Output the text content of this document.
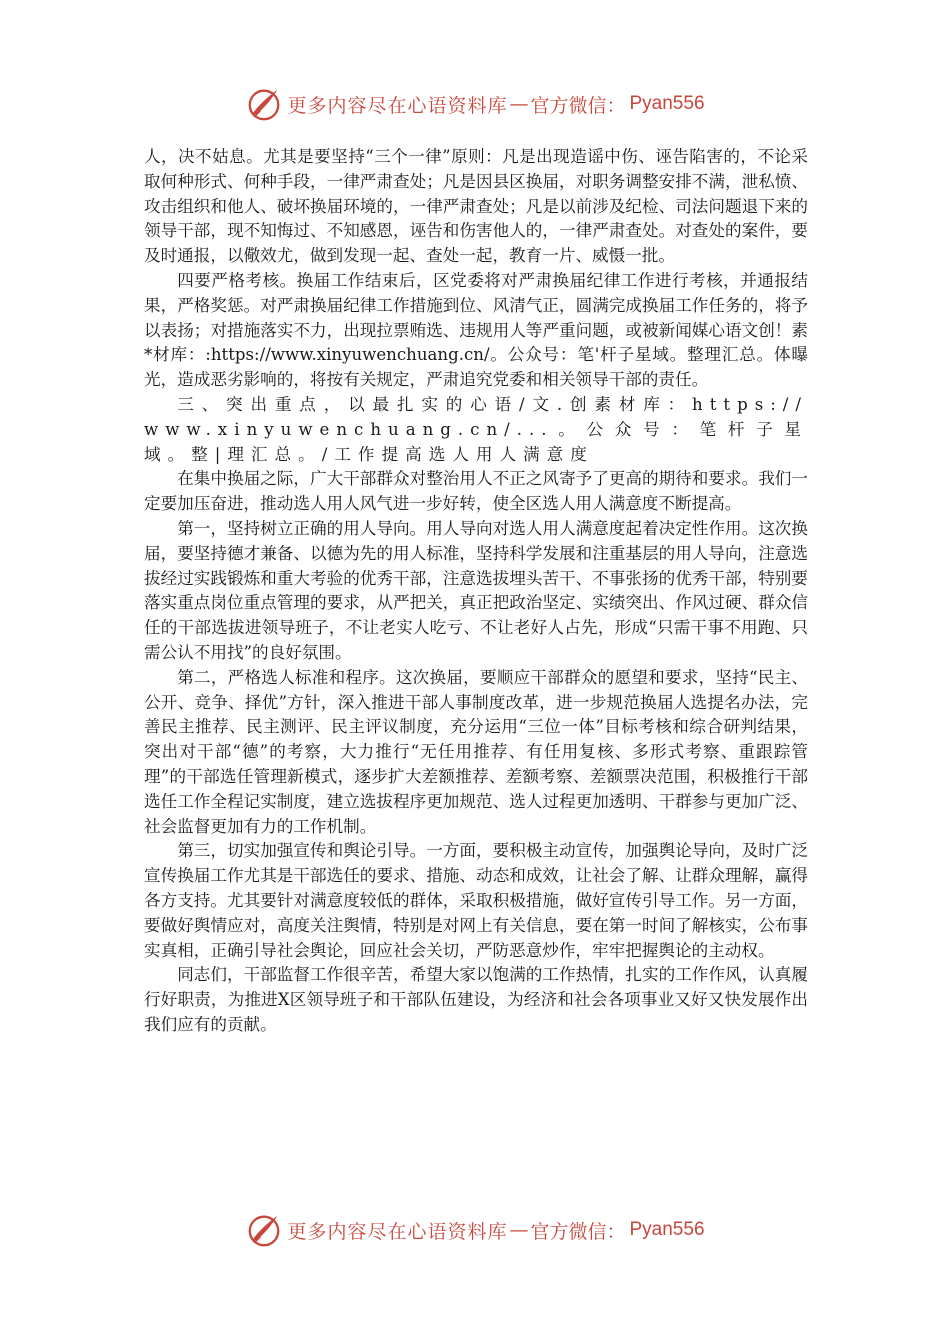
更多内容尽在心语资料库 — 官方微信： Pyan556

人，决不姑息。尤其是要坚持“三个一律”原则：凡是出现造谣中伤、诬告陷害的，不论采取何种形式、何种手段，一律严肃查处；凡是因县区换届，对职务调整安排不满，泄私愤、攻击组织和他人、破坏换届环境的，一律严肃查处；凡是以前涉及纪检、司法问题退下来的领导干部，现不知悔过、不知感恩，诬告和伤害他人的，一律严肃查处。对查处的案件，要及时通报，以儆效尤，做到发现一起、查处一起，教育一片、威慑一批。

四要严格考核。换届工作结束后，区党委将对严肃换届纪律工作进行考核，并通报结果，严格奖惩。对严肃换届纪律工作措施到位、风清气正，圆满完成换届工作任务的，将予以表扬；对措施落实不力，出现拉票贿选、违规用人等严重问题，或被新闻媒心语文创！素*材库：:https://www.xinyuwenchuang.cn/。公众号：笔'杆子星域。整理汇总。体曝光，造成恶劣影响的，将按有关规定，严肃追究党委和相关领导干部的责任。

三、突出重点，以最扎实的心语/文.创素材库：https://www.xinyuwenchuang.cn/...。公众号：笔杆子星域。整|理汇总。/工作提高选人用人满意度

在集中换届之际，广大干部群众对整治用人不正之风寄予了更高的期待和要求。我们一定要加压奋进，推动选人用人风气进一步好转，使全区选人用人满意度不断提高。

第一，坚持树立正确的用人导向。用人导向对选人用人满意度起着决定性作用。这次换届，要坚持德才兼备、以德为先的用人标准，坚持科学发展和注重基层的用人导向，注意选拔经过实践锻炼和重大考验的优秀干部，注意选拔埋头苦干、不事张扬的优秀干部，特别要落实重点岗位重点管理的要求，从严把关，真正把政治坚定、实绩突出、作风过硬、群众信任的干部选拔进领导班子，不让老实人吃亏、不让老好人占先，形成“只需干事不用跑、只需公认不用找”的良好氛围。

第二，严格选人标准和程序。这次换届，要顺应干部群众的愿望和要求，坚持“民主、公开、竞争、择优”方针，深入推进干部人事制度改革，进一步规范换届人选提名办法，完善民主推荐、民主测评、民主评议制度，充分运用“三位一体”目标考核和综合研判结果，突出对干部“德”的考察，大力推行“无任用推荐、有任用复核、多形式考察、重跟踪管理”的干部选任管理新模式，逐步扩大差额推荐、差额考察、差额票决范围，积极推行干部选任工作全程记实制度，建立选拔程序更加规范、选人过程更加透明、干群参与更加广泛、社会监督更加有力的工作机制。

第三，切实加强宣传和舆论引导。一方面，要积极主动宣传，加强舆论导向，及时广泛宣传换届工作尤其是干部选任的要求、措施、动态和成效，让社会了解、让群众理解，赢得各方支持。尤其要针对满意度较低的群体，采取积极措施，做好宣传引导工作。另一方面，要做好舆情应对，高度关注舆情，特别是对网上有关信息，要在第一时间了解核实，公布事实真相，正确引导社会舆论，回应社会关切，严防恶意炒作，牢牢把握舆论的主动权。

同志们，干部监督工作很辛苦，希望大家以饱满的工作热情，扎实的工作作风，认真履行好职责，为推进X区领导班子和干部队伍建设，为经济和社会各项事业又好又快发展作出我们应有的贡献。

更多内容尽在心语资料库 — 官方微信： Pyan556
